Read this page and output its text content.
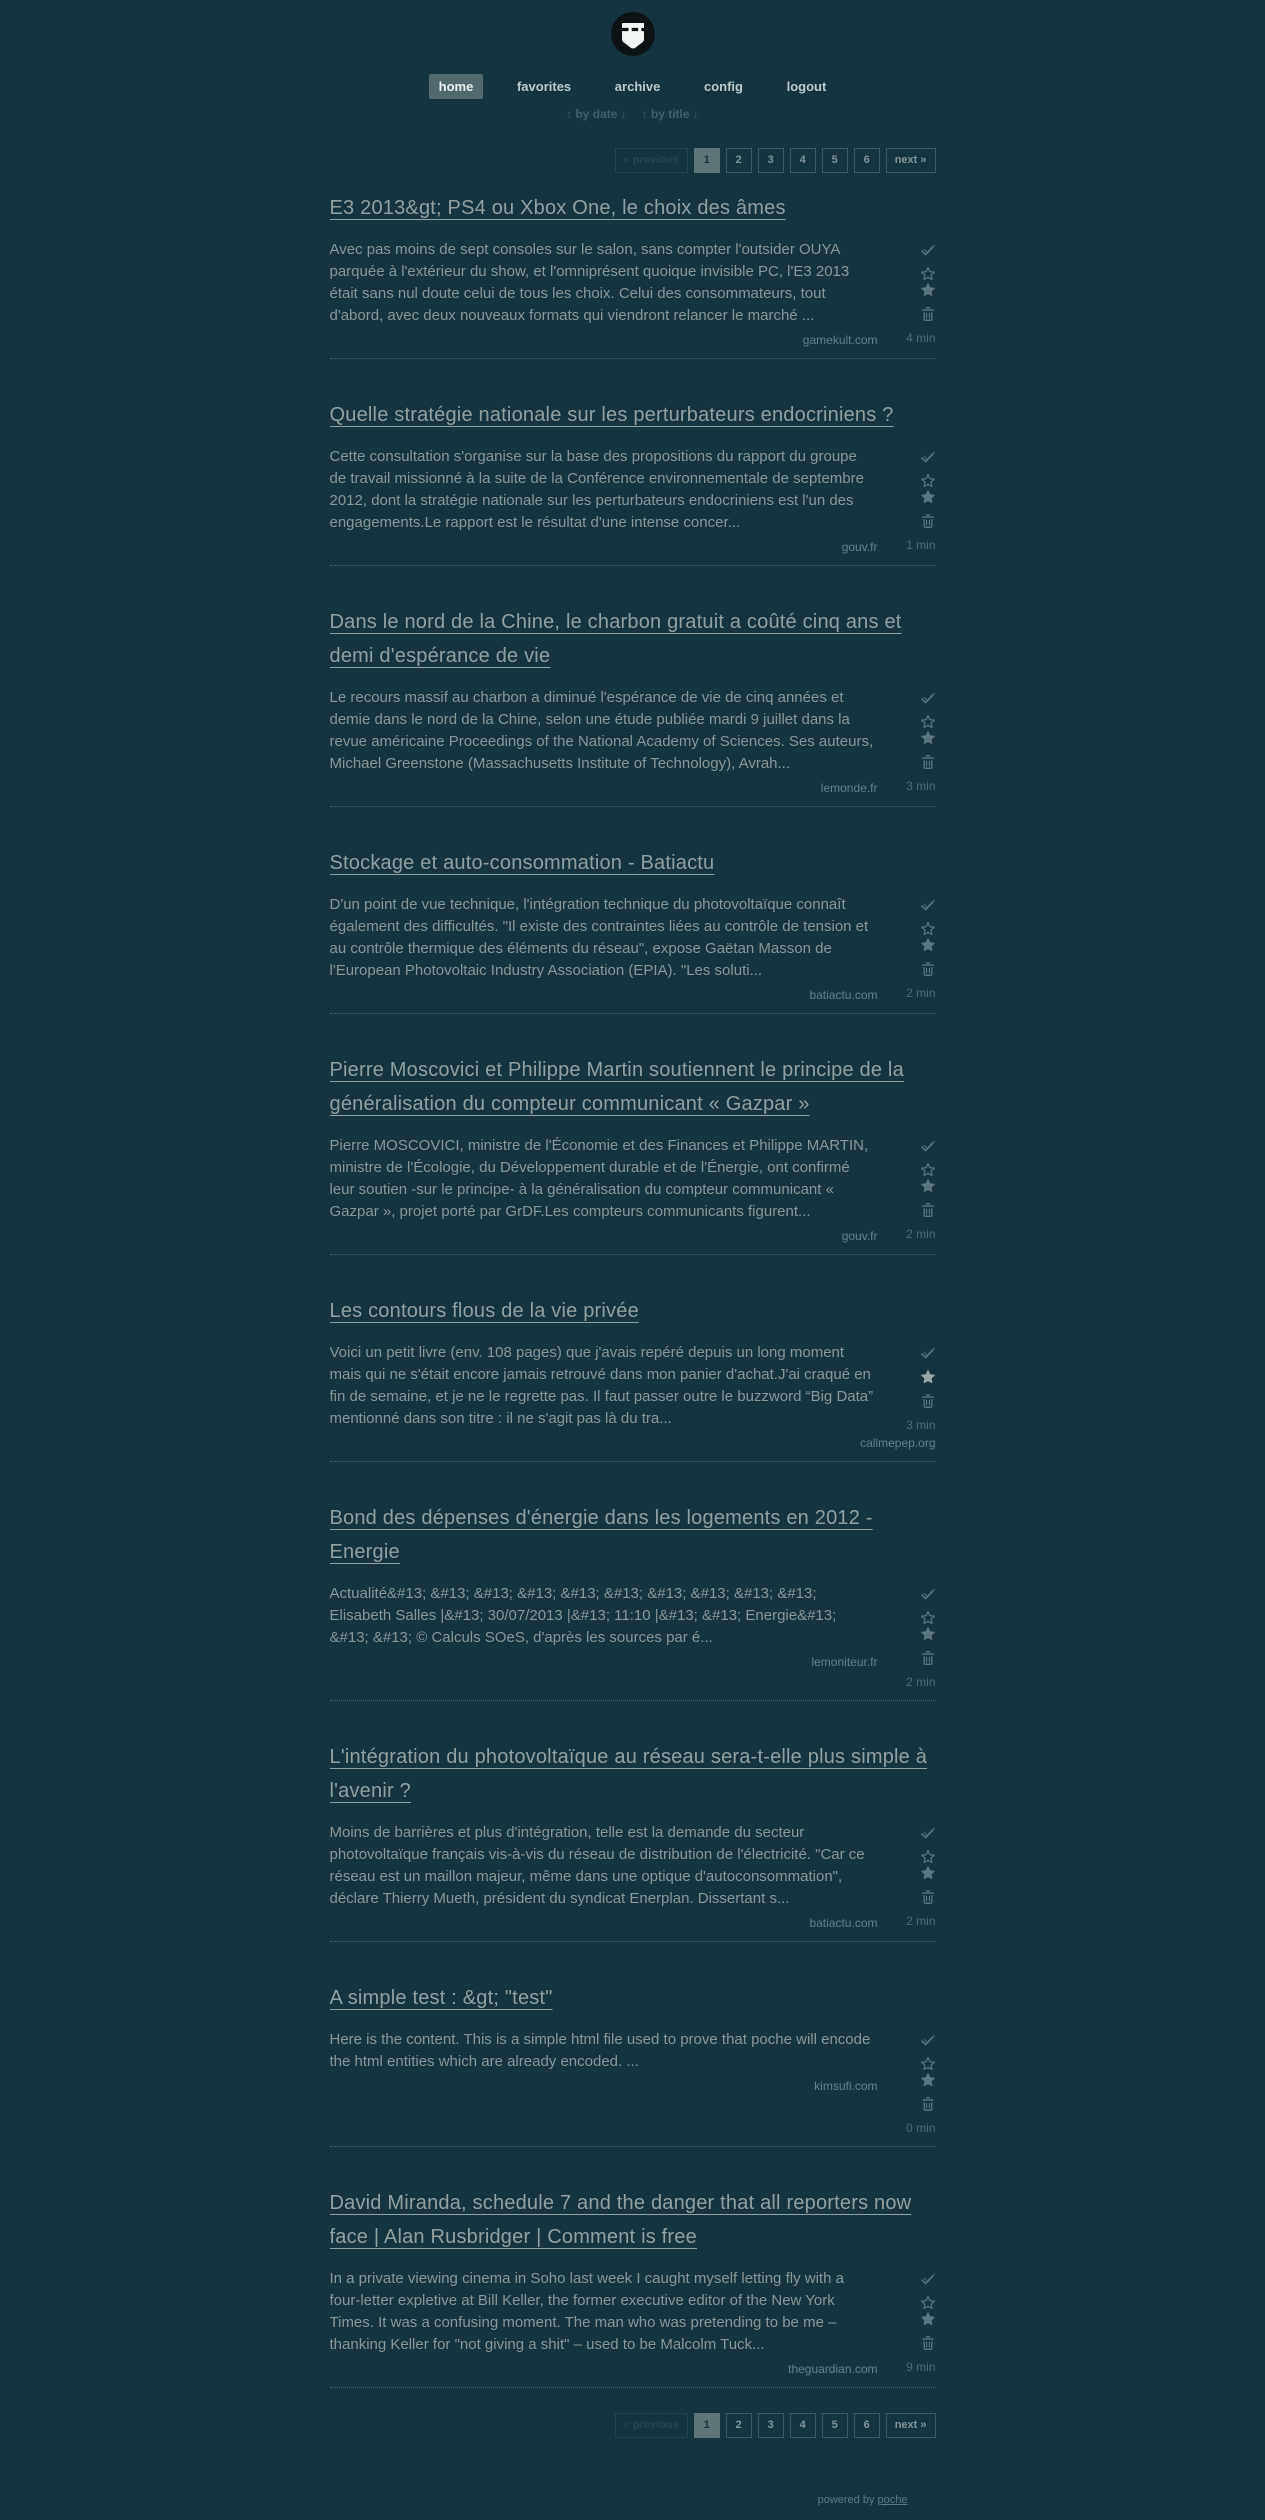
home	favorites	archive	config	logout
↑ by date ↓ ↑ by title ↓
« previous	1	2	3	4	5	6	next »
E3 2013&gt; PS4 ou Xbox One, le choix des âmes
4 min

Avec pas moins de sept consoles sur le salon, sans compter l'outsider OUYA parquée à l'extérieur du show, et l'omniprésent quoique invisible PC, l'E3 2013 était sans nul doute celui de tous les choix. Celui des consommateurs, tout d'abord, avec deux nouveaux formats qui viendront relancer le marché ...

gamekult.com
Quelle stratégie nationale sur les perturbateurs endocriniens ?
1 min

Cette consultation s'organise sur la base des propositions du rapport du groupe de travail missionné à la suite de la Conférence environnementale de septembre 2012, dont la stratégie nationale sur les perturbateurs endocriniens est l'un des engagements.Le rapport est le résultat d'une intense concer...

gouv.fr
Dans le nord de la Chine, le charbon gratuit a coûté cinq ans et demi d'espérance de vie
3 min

Le recours massif au charbon a diminué l'espérance de vie de cinq années et demie dans le nord de la Chine, selon une étude publiée mardi 9 juillet dans la revue américaine Proceedings of the National Academy of Sciences. Ses auteurs, Michael Greenstone (Massachusetts Institute of Technology), Avrah...

lemonde.fr
Stockage et auto-consommation - Batiactu
2 min

D'un point de vue technique, l'intégration technique du photovoltaïque connaît également des difficultés. "Il existe des contraintes liées au contrôle de tension et au contrôle thermique des éléments du réseau", expose Gaëtan Masson de l'European Photovoltaic Industry Association (EPIA). "Les soluti...

batiactu.com
Pierre Moscovici et Philippe Martin soutiennent le principe de la généralisation du compteur communicant « Gazpar »
2 min

Pierre MOSCOVICI, ministre de l'Économie et des Finances et Philippe MARTIN, ministre de l'Écologie, du Développement durable et de l'Énergie, ont confirmé leur soutien -sur le principe- à la généralisation du compteur communicant « Gazpar », projet porté par GrDF.Les compteurs communicants figurent...

gouv.fr
Les contours flous de la vie privée
3 min

Voici un petit livre (env. 108 pages) que j'avais repéré depuis un long moment mais qui ne s'était encore jamais retrouvé dans mon panier d'achat.J'ai craqué en fin de semaine, et je ne le regrette pas. Il faut passer outre le buzzword “Big Data” mentionné dans son titre : il ne s'agit pas là du tra...

callmepep.org
Bond des dépenses d'énergie dans les logements en 2012 - Energie
2 min

Actualité&#13; &#13; &#13; &#13; &#13; &#13; &#13; &#13; &#13; &#13; Elisabeth Salles |&#13; 30/07/2013 |&#13; 11:10 |&#13; &#13; Energie&#13; &#13; &#13; © Calculs SOeS, d'après les sources par é...

lemoniteur.fr
L'intégration du photovoltaïque au réseau sera-t-elle plus simple à l'avenir ?
2 min

Moins de barrières et plus d'intégration, telle est la demande du secteur photovoltaïque français vis-à-vis du réseau de distribution de l'électricité. "Car ce réseau est un maillon majeur, même dans une optique d'autoconsommation", déclare Thierry Mueth, président du syndicat Enerplan. Dissertant s...

batiactu.com
A simple test : &gt; "test"
0 min

Here is the content. This is a simple html file used to prove that poche will encode the html entities which are already encoded. ...

kimsufi.com
David Miranda, schedule 7 and the danger that all reporters now face | Alan Rusbridger | Comment is free
9 min

In a private viewing cinema in Soho last week I caught myself letting fly with a four-letter expletive at Bill Keller, the former executive editor of the New York Times. It was a confusing moment. The man who was pretending to be me – thanking Keller for "not giving a shit" – used to be Malcolm Tuck...

theguardian.com
« previous	1	2	3	4	5	6	next »
powered by poche
